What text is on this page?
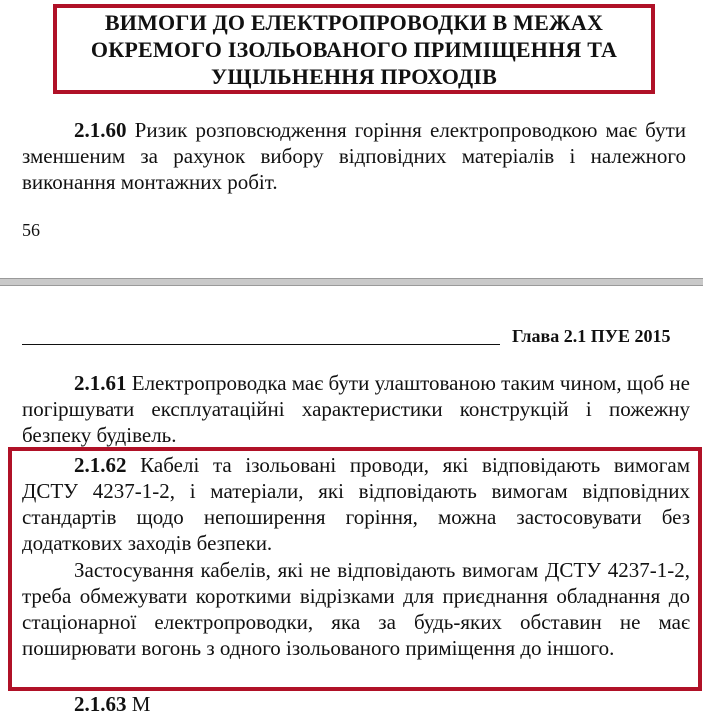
ВИМОГИ ДО ЕЛЕКТРОПРОВОДКИ В МЕЖАХ
ОКРЕМОГО ІЗОЛЬОВАНОГО ПРИМІЩЕННЯ ТА
УЩІЛЬНЕННЯ ПРОХОДІВ
2.1.60 Ризик розповсюдження горіння електропроводкою має бути зменшеним за рахунок вибору відповідних матеріалів і належного виконання монтажних робіт.
56
Глава 2.1 ПУЕ 2015
2.1.61 Електропроводка має бути улаштованою таким чином, щоб не погіршувати експлуатаційні характеристики конструкцій і пожежну безпеку будівель.
2.1.62 Кабелі та ізольовані проводи, які відповідають вимогам ДСТУ 4237-1-2, і матеріали, які відповідають вимогам відповідних стандартів щодо непоширення горіння, можна застосовувати без додаткових заходів безпеки.
Застосування кабелів, які не відповідають вимогам ДСТУ 4237-1-2, треба обмежувати короткими відрізками для приєднання обладнання до стаціонарної електропроводки, яка за будь-яких обставин не має поширювати вогонь з одного ізольованого приміщення до іншого.
2.1.63 М
